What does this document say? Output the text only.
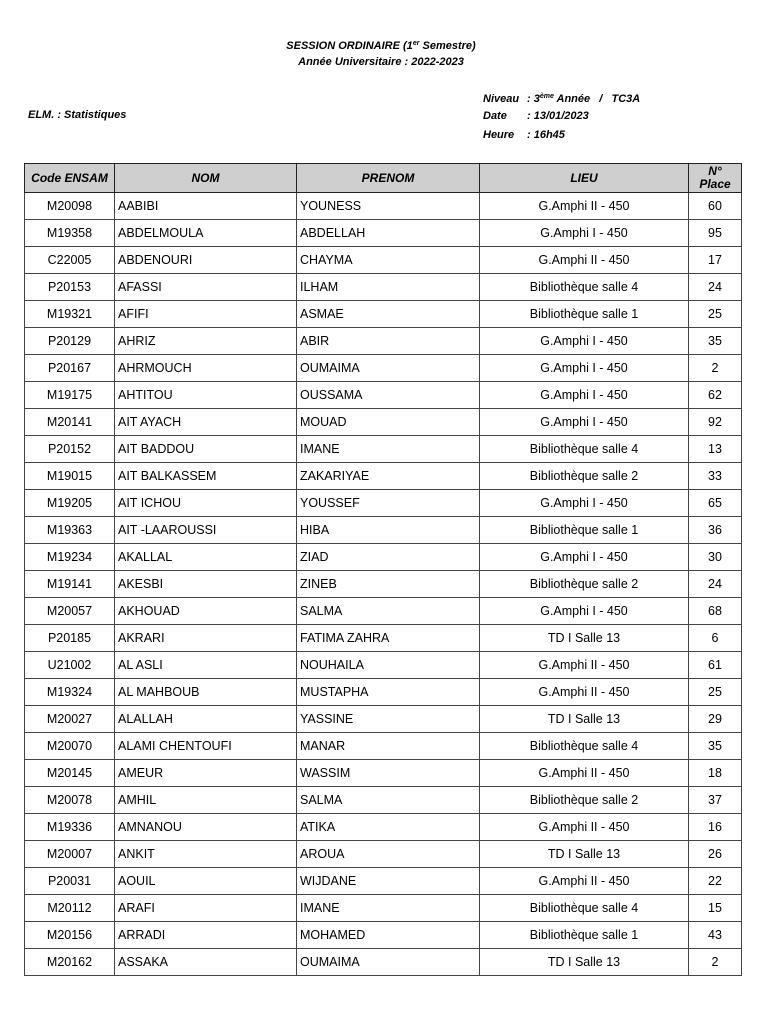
SESSION ORDINAIRE (1er Semestre)
Année Universitaire : 2022-2023
ELM. : Statistiques
Niveau : 3ème Année   /   TC3A
Date : 13/01/2023
Heure : 16h45
Code ENSAM	NOM	PRENOM	LIEU	N°
Place

M20098	AABIBI	YOUNESS	G.Amphi II - 450	60
M19358	ABDELMOULA	ABDELLAH	G.Amphi I - 450	95
C22005	ABDENOURI	CHAYMA	G.Amphi II - 450	17
P20153	AFASSI	ILHAM	Bibliothèque salle 4	24
M19321	AFIFI	ASMAE	Bibliothèque salle 1	25
P20129	AHRIZ	ABIR	G.Amphi I - 450	35
P20167	AHRMOUCH	OUMAIMA	G.Amphi I - 450	2
M19175	AHTITOU	OUSSAMA	G.Amphi I - 450	62
M20141	AIT AYACH	MOUAD	G.Amphi I - 450	92
P20152	AIT BADDOU	IMANE	Bibliothèque salle 4	13
M19015	AIT BALKASSEM	ZAKARIYAE	Bibliothèque salle 2	33
M19205	AIT ICHOU	YOUSSEF	G.Amphi I - 450	65
M19363	AIT -LAAROUSSI	HIBA	Bibliothèque salle 1	36
M19234	AKALLAL	ZIAD	G.Amphi I - 450	30
M19141	AKESBI	ZINEB	Bibliothèque salle 2	24
M20057	AKHOUAD	SALMA	G.Amphi I - 450	68
P20185	AKRARI	FATIMA ZAHRA	TD I Salle 13	6
U21002	AL ASLI	NOUHAILA	G.Amphi II - 450	61
M19324	AL MAHBOUB	MUSTAPHA	G.Amphi II - 450	25
M20027	ALALLAH	YASSINE	TD I Salle 13	29
M20070	ALAMI CHENTOUFI	MANAR	Bibliothèque salle 4	35
M20145	AMEUR	WASSIM	G.Amphi II - 450	18
M20078	AMHIL	SALMA	Bibliothèque salle 2	37
M19336	AMNANOU	ATIKA	G.Amphi II - 450	16
M20007	ANKIT	AROUA	TD I Salle 13	26
P20031	AOUIL	WIJDANE	G.Amphi II - 450	22
M20112	ARAFI	IMANE	Bibliothèque salle 4	15
M20156	ARRADI	MOHAMED	Bibliothèque salle 1	43
M20162	ASSAKA	OUMAIMA	TD I Salle 13	2
